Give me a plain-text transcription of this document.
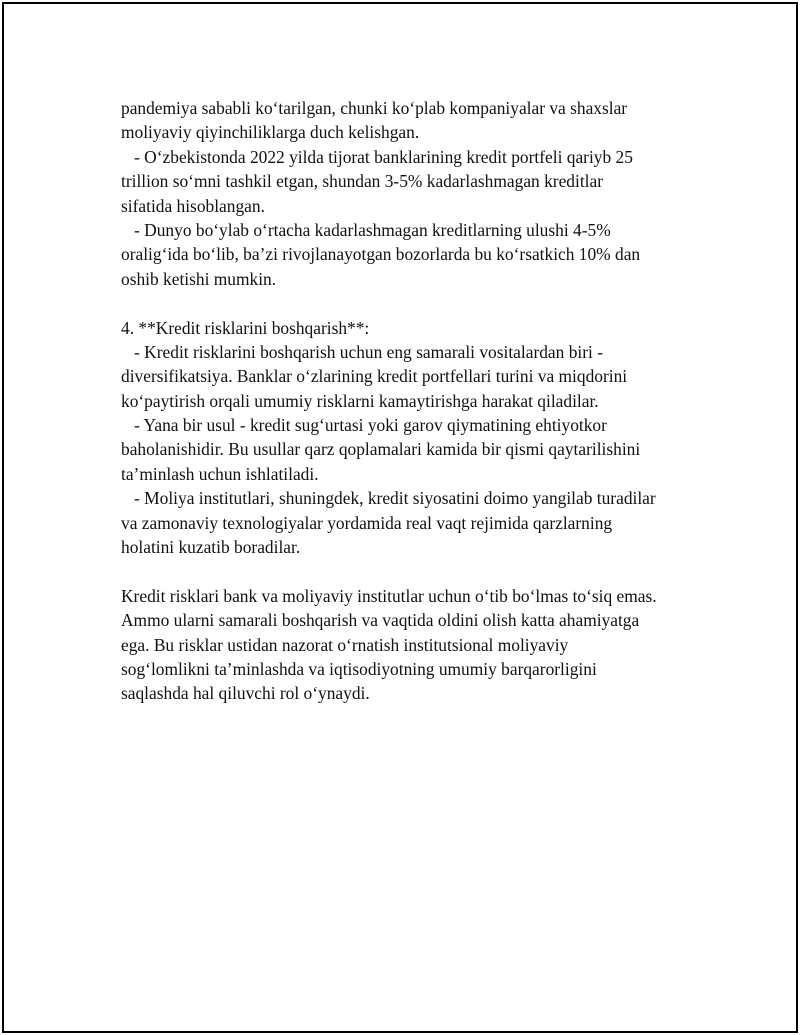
pandemiya sababli ko‘tarilgan, chunki ko‘plab kompaniyalar va shaxslar
moliyaviy qiyinchiliklarga duch kelishgan.
- O‘zbekistonda 2022 yilda tijorat banklarining kredit portfeli qariyb 25
trillion so‘mni tashkil etgan, shundan 3-5% kadarlashmagan kreditlar
sifatida hisoblangan.
- Dunyo bo‘ylab o‘rtacha kadarlashmagan kreditlarning ulushi 4-5%
oralig‘ida bo‘lib, ba’zi rivojlanayotgan bozorlarda bu ko‘rsatkich 10% dan
oshib ketishi mumkin.
4. **Kredit risklarini boshqarish**:
- Kredit risklarini boshqarish uchun eng samarali vositalardan biri -
diversifikatsiya. Banklar o‘zlarining kredit portfellari turini va miqdorini
ko‘paytirish orqali umumiy risklarni kamaytirishga harakat qiladilar.
- Yana bir usul - kredit sug‘urtasi yoki garov qiymatining ehtiyotkor
baholanishidir. Bu usullar qarz qoplamalari kamida bir qismi qaytarilishini
ta’minlash uchun ishlatiladi.
- Moliya institutlari, shuningdek, kredit siyosatini doimo yangilab turadilar
va zamonaviy texnologiyalar yordamida real vaqt rejimida qarzlarning
holatini kuzatib boradilar.
Kredit risklari bank va moliyaviy institutlar uchun o‘tib bo‘lmas to‘siq emas.
Ammo ularni samarali boshqarish va vaqtida oldini olish katta ahamiyatga
ega. Bu risklar ustidan nazorat o‘rnatish institutsional moliyaviy
sog‘lomlikni ta’minlashda va iqtisodiyotning umumiy barqarorligini
saqlashda hal qiluvchi rol o‘ynaydi.
